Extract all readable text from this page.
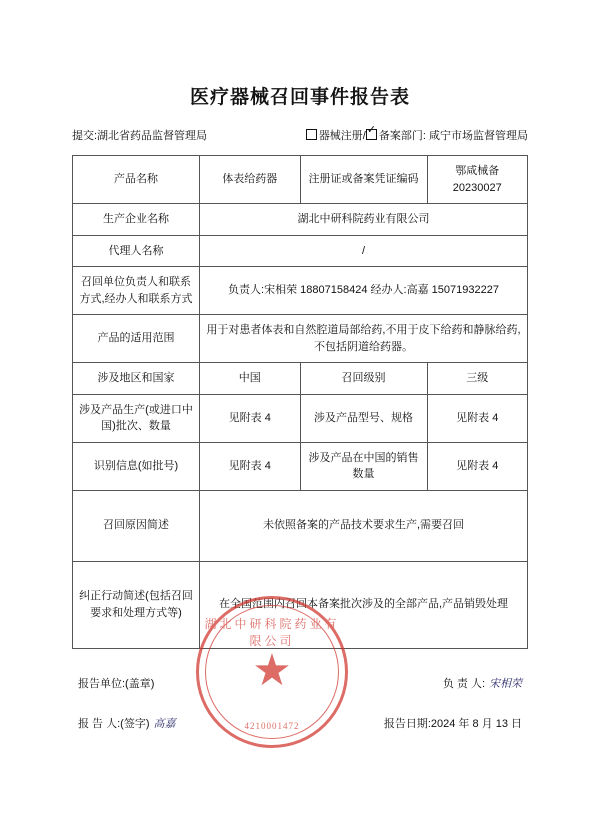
医疗器械召回事件报告表
提交:湖北省药品监督管理局	器械注册/ ✓ 备案部门: 咸宁市场监督管理局
产品名称	体表给药器	注册证或备案凭证编码	鄂咸械备 20230027
生产企业名称	湖北中研科院药业有限公司		
代理人名称	/		
召回单位负责人和联系方式,经办人和联系方式	负责人:宋相荣 18807158424 经办人:高嘉 15071932227		
产品的适用范围	用于对患者体表和自然腔道局部给药,不用于皮下给药和静脉给药,不包括阴道给药器。		
涉及地区和国家	中国	召回级别	三级
涉及产品生产(或进口中国)批次、数量	见附表 4	涉及产品型号、规格	见附表 4
识别信息(如批号)	见附表 4	涉及产品在中国的销售数量	见附表 4
召回原因简述	未依照备案的产品技术要求生产,需要召回		
纠正行动简述(包括召回要求和处理方式等)	在全国范围内召回本备案批次涉及的全部产品,产品销毁处理		
报告单位:(盖章)	负 责 人: 宋相荣
报 告 人:(签字) 高嘉	报告日期:2024 年 8 月 13 日
湖北中研科院药业有限公司
★
4210001472
